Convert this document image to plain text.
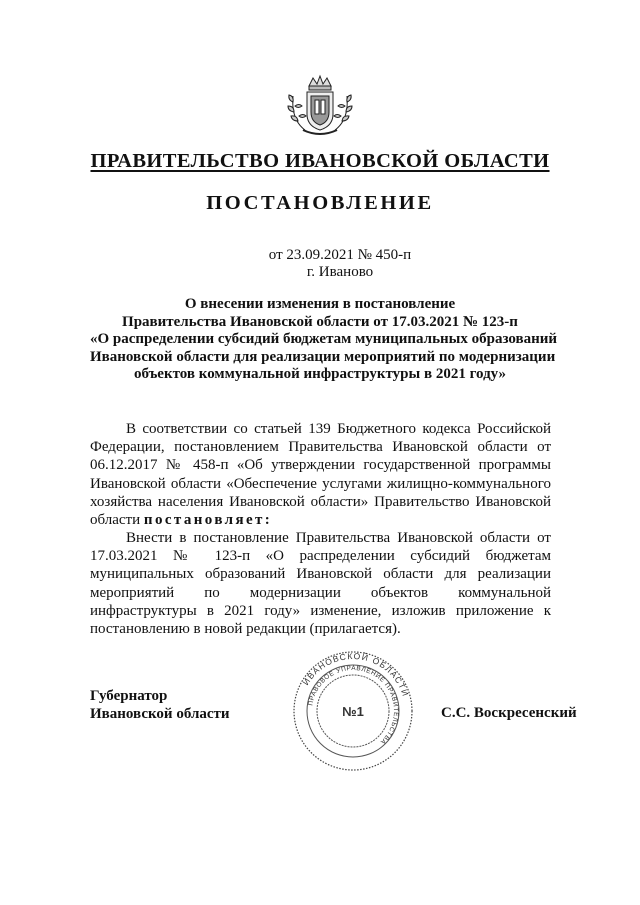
ПРАВИТЕЛЬСТВО ИВАНОВСКОЙ ОБЛАСТИ
ПОСТАНОВЛЕНИЕ
от 23.09.2021 № 450-п
г. Иваново
О внесении изменения в постановление
Правительства Ивановской области от 17.03.2021 № 123-п
«О распределении субсидий бюджетам муниципальных образований
Ивановской области для реализации мероприятий по модернизации
объектов коммунальной инфраструктуры в 2021 году»
В соответствии со статьей 139 Бюджетного кодекса Российской Федерации, постановлением Правительства Ивановской области от 06.12.2017 № 458-п «Об утверждении государственной программы Ивановской области «Обеспечение услугами жилищно-коммунального хозяйства населения Ивановской области» Правительство Ивановской области постановляет:
Внести в постановление Правительства Ивановской области от 17.03.2021 № 123-п «О распределении субсидий бюджетам муниципальных образований Ивановской области для реализации мероприятий по модернизации объектов коммунальной инфраструктуры в 2021 году» изменение, изложив приложение к постановлению в новой редакции (прилагается).
Губернатор
Ивановской области
ИВАНОВСКОЙ ОБЛАСТИ
ПРАВОВОЕ УПРАВЛЕНИЕ ПРАВИТЕЛЬСТВА
№1	С.С. Воскресенский
